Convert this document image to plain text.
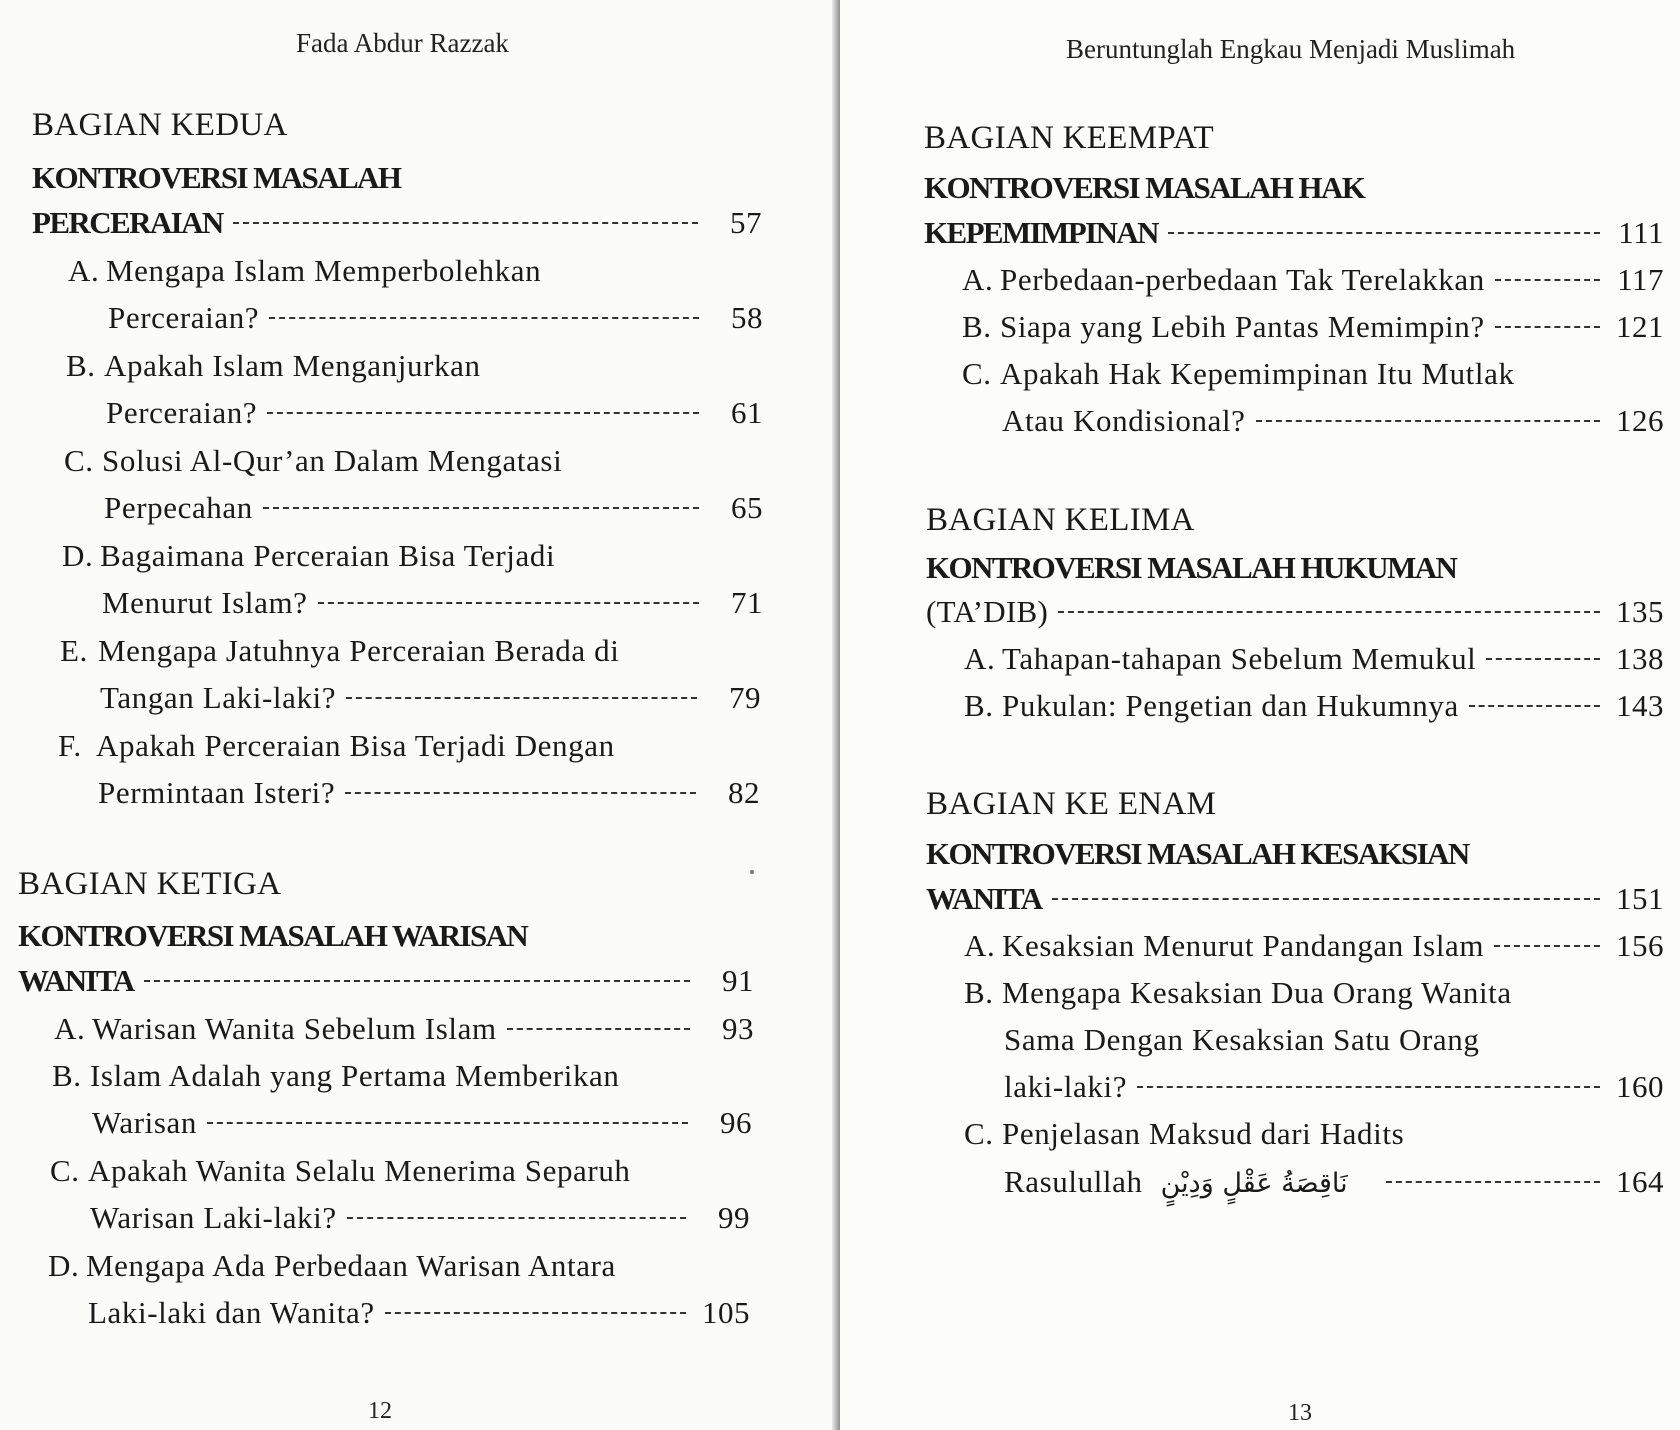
Fada Abdur Razzak
BAGIAN KEDUA
KONTROVERSI MASALAH
PERCERAIAN	57
A. Mengapa Islam Memperbolehkan
Perceraian?	58
B. Apakah Islam Menganjurkan
Perceraian?	61
C. Solusi Al-Qur’an Dalam Mengatasi
Perpecahan	65
D. Bagaimana Perceraian Bisa Terjadi
Menurut Islam?	71
E. Mengapa Jatuhnya Perceraian Berada di
Tangan Laki-laki?	79
F. Apakah Perceraian Bisa Terjadi Dengan
Permintaan Isteri?	82
BAGIAN KETIGA
KONTROVERSI MASALAH WARISAN
WANITA	91
A. Warisan Wanita Sebelum Islam	93
B. Islam Adalah yang Pertama Memberikan
Warisan	96
C. Apakah Wanita Selalu Menerima Separuh
Warisan Laki-laki?	99
D. Mengapa Ada Perbedaan Warisan Antara
Laki-laki dan Wanita?	105
12
Beruntunglah Engkau Menjadi Muslimah
BAGIAN KEEMPAT
KONTROVERSI MASALAH HAK
KEPEMIMPINAN	111
A. Perbedaan-perbedaan Tak Terelakkan	117
B. Siapa yang Lebih Pantas Memimpin?	121
C. Apakah Hak Kepemimpinan Itu Mutlak
Atau Kondisional?	126
BAGIAN KELIMA
KONTROVERSI MASALAH HUKUMAN
(TA’DIB)	135
A. Tahapan-tahapan Sebelum Memukul	138
B. Pukulan: Pengetian dan Hukumnya	143
BAGIAN KE ENAM
KONTROVERSI MASALAH KESAKSIAN
WANITA	151
A. Kesaksian Menurut Pandangan Islam	156
B. Mengapa Kesaksian Dua Orang Wanita
Sama Dengan Kesaksian Satu Orang
laki-laki?	160
C. Penjelasan Maksud dari Hadits
Rasulullah نَاقِصَةُ عَقْلٍ وَدِيْنٍ	164
13
